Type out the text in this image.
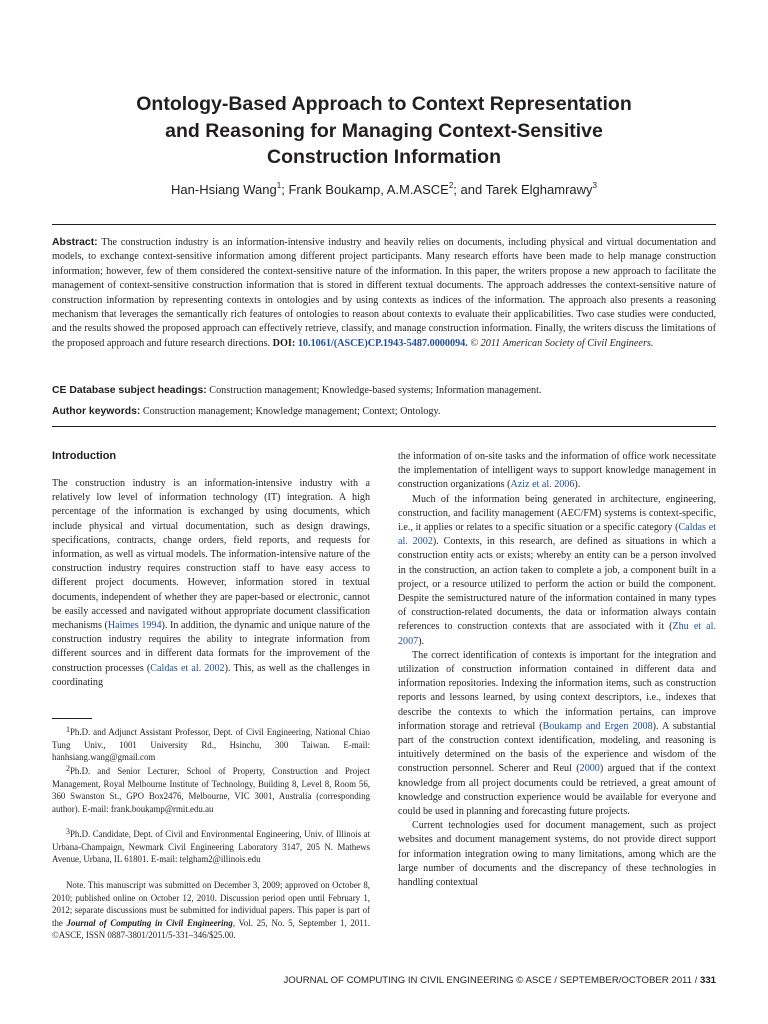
Ontology-Based Approach to Context Representation
and Reasoning for Managing Context-Sensitive
Construction Information
Han-Hsiang Wang$^1$; Frank Boukamp, A.M.ASCE$^2$; and Tarek Elghamrawy$^3$

Abstract: The construction industry is an information-intensive industry and heavily relies on documents, including physical and virtual documentation and models, to exchange context-sensitive information among different project participants. Many research efforts have been made to help manage construction information; however, few of them considered the context-sensitive nature of the information. In this paper, the writers propose a new approach to facilitate the management of context-sensitive construction information that is stored in different textual documents. The approach addresses the context-sensitive nature of construction information by representing contexts in ontologies and by using contexts as indices of the information. The approach also presents a reasoning mechanism that leverages the semantically rich features of ontologies to reason about contexts to evaluate their applicabilities. Two case studies were conducted, and the results showed the proposed approach can effectively retrieve, classify, and manage construction information. Finally, the writers discuss the limitations of the proposed approach and future research directions. DOI: 10.1061/(ASCE)CP.1943-5487.0000094. © 2011 American Society of Civil Engineers.

CE Database subject headings: Construction management; Knowledge-based systems; Information management.

Author keywords: Construction management; Knowledge management; Context; Ontology.

Introduction

The construction industry is an information-intensive industry with a relatively low level of information technology (IT) integration. A high percentage of the information is exchanged by using documents, which include physical and virtual documentation, such as design drawings, specifications, contracts, change orders, field reports, and requests for information, as well as virtual models. The information-intensive nature of the construction industry requires construction staff to have easy access to different project documents. However, information stored in textual documents, independent of whether they are paper-based or electronic, cannot be easily accessed and navigated without appropriate document classification mechanisms (Haimes 1994). In addition, the dynamic and unique nature of the construction industry requires the ability to integrate information from different sources and in different data formats for the improvement of the construction processes (Caldas et al. 2002). This, as well as the challenges in coordinating

$^1$Ph.D. and Adjunct Assistant Professor, Dept. of Civil Engineering, National Chiao Tung Univ., 1001 University Rd., Hsinchu, 300 Taiwan. E-mail: hanhsiang.wang@gmail.com

$^2$Ph.D. and Senior Lecturer, School of Property, Construction and Project Management, Royal Melbourne Institute of Technology, Building 8, Level 8, Room 56, 360 Swanston St., GPO Box2476, Melbourne, VIC 3001, Australia (corresponding author). E-mail: frank.boukamp@rmit.edu.au

$^3$Ph.D. Candidate, Dept. of Civil and Environmental Engineering, Univ. of Illinois at Urbana-Champaign, Newmark Civil Engineering Laboratory 3147, 205 N. Mathews Avenue, Urbana, IL 61801. E-mail: telgham2@illinois.edu

Note. This manuscript was submitted on December 3, 2009; approved on October 8, 2010; published online on October 12, 2010. Discussion period open until February 1, 2012; separate discussions must be submitted for individual papers. This paper is part of the Journal of Computing in Civil Engineering, Vol. 25, No. 5, September 1, 2011. ©ASCE, ISSN 0887-3801/2011/5-331–346/$25.00.

the information of on-site tasks and the information of office work necessitate the implementation of intelligent ways to support knowledge management in construction organizations (Aziz et al. 2006).

Much of the information being generated in architecture, engineering, construction, and facility management (AEC/FM) systems is context-specific, i.e., it applies or relates to a specific situation or a specific category (Caldas et al. 2002). Contexts, in this research, are defined as situations in which a construction entity acts or exists; whereby an entity can be a person involved in the construction, an action taken to complete a job, a component built in a project, or a resource utilized to perform the action or build the component. Despite the semistructured nature of the information contained in many types of construction-related documents, the data or information always contain references to construction contexts that are associated with it (Zhu et al. 2007).

The correct identification of contexts is important for the integration and utilization of construction information contained in different data and information repositories. Indexing the information items, such as construction reports and lessons learned, by using context descriptors, i.e., indexes that describe the contexts to which the information pertains, can improve information storage and retrieval (Boukamp and Ergen 2008). A substantial part of the construction context identification, modeling, and reasoning is intuitively determined on the basis of the experience and wisdom of the construction personnel. Scherer and Reul (2000) argued that if the context knowledge from all project documents could be retrieved, a great amount of knowledge and construction experience would be available for everyone and could be used in planning and forecasting future projects.

Current technologies used for document management, such as project websites and document management systems, do not provide direct support for information integration owing to many limitations, among which are the large number of documents and the discrepancy of these technologies in handling contextual

JOURNAL OF COMPUTING IN CIVIL ENGINEERING © ASCE / SEPTEMBER/OCTOBER 2011 / 331
